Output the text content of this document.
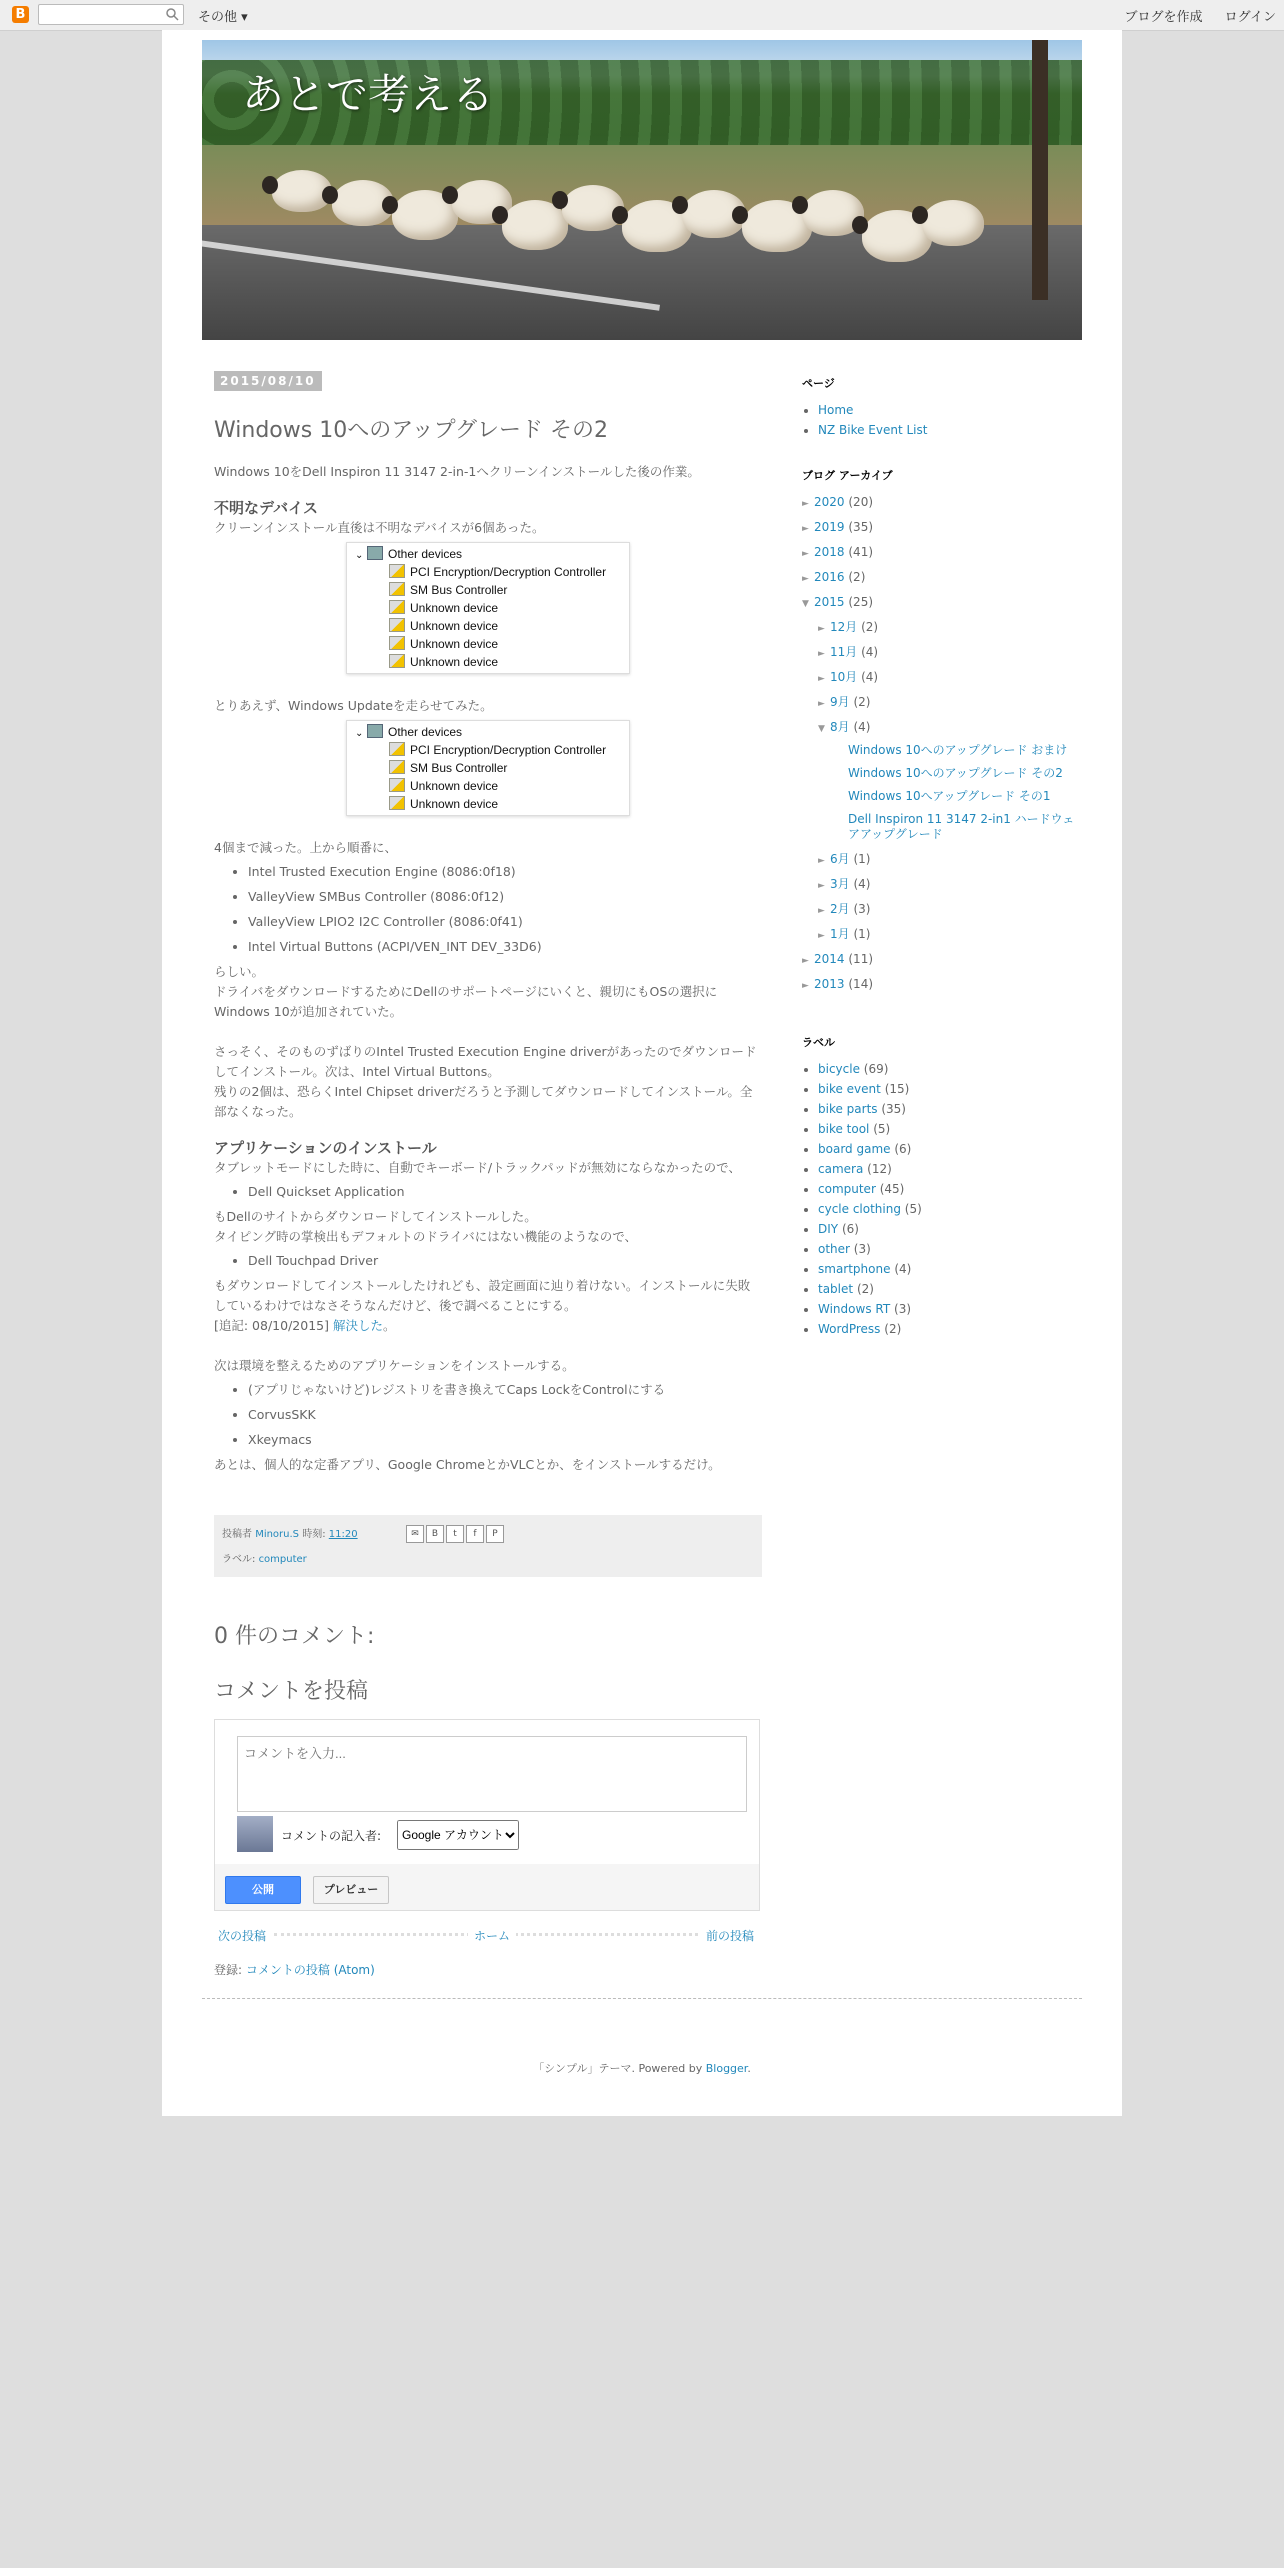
B	その他 ▾	ブログを作成 ログイン
あとで考える
2015/08/10
Windows 10へのアップグレード その2
Windows 10をDell Inspiron 11 3147 2-in-1へクリーンインストールした後の作業。
不明なデバイス
クリーンインストール直後は不明なデバイスが6個あった。
⌄ Other devices
PCI Encryption/Decryption Controller
SM Bus Controller
Unknown device
Unknown device
Unknown device
Unknown device
とりあえず、Windows Updateを走らせてみた。
⌄ Other devices
PCI Encryption/Decryption Controller
SM Bus Controller
Unknown device
Unknown device
4個まで減った。上から順番に、
• Intel Trusted Execution Engine (8086:0f18)
• ValleyView SMBus Controller (8086:0f12)
• ValleyView LPIO2 I2C Controller (8086:0f41)
• Intel Virtual Buttons (ACPI/VEN_INT DEV_33D6)
らしい。
ドライバをダウンロードするためにDellのサポートページにいくと、親切にもOSの選択にWindows 10が追加されていた。
さっそく、そのものずばりのIntel Trusted Execution Engine driverがあったのでダウンロードしてインストール。次は、Intel Virtual Buttons。
残りの2個は、恐らくIntel Chipset driverだろうと予測してダウンロードしてインストール。全部なくなった。
アプリケーションのインストール
タブレットモードにした時に、自動でキーボード/トラックパッドが無効にならなかったので、
• Dell Quickset Application
もDellのサイトからダウンロードしてインストールした。
タイピング時の掌検出もデフォルトのドライバにはない機能のようなので、
• Dell Touchpad Driver
もダウンロードしてインストールしたけれども、設定画面に辿り着けない。インストールに失敗しているわけではなさそうなんだけど、後で調べることにする。
[追記: 08/10/2015] 解決した。
次は環境を整えるためのアプリケーションをインストールする。
• (アプリじゃないけど)レジストリを書き換えてCaps LockをControlにする
• CorvusSKK
• Xkeymacs
あとは、個人的な定番アプリ、Google ChromeとかVLCとか、をインストールするだけ。
投稿者 Minoru.S 時刻: 11:20	✉ B t f P
ラベル: computer
0 件のコメント:
コメントを投稿
コメントを入力...
コメントの記入者:
Google アカウント
公開	プレビュー
次の投稿	ホーム	前の投稿
登録: コメントの投稿 (Atom)
ページ
• Home
• NZ Bike Event List
ブログ アーカイブ
► 2020 (20)
► 2019 (35)
► 2018 (41)
► 2016 (2)
▼ 2015 (25)
► 12月 (2)
► 11月 (4)
► 10月 (4)
► 9月 (2)
▼ 8月 (4)
Windows 10へのアップグレード おまけ
Windows 10へのアップグレード その2
Windows 10へアップグレード その1
Dell Inspiron 11 3147 2-in1 ハードウェアアップグレード
► 6月 (1)
► 3月 (4)
► 2月 (3)
► 1月 (1)
► 2014 (11)
► 2013 (14)
ラベル
• bicycle (69)
• bike event (15)
• bike parts (35)
• bike tool (5)
• board game (6)
• camera (12)
• computer (45)
• cycle clothing (5)
• DIY (6)
• other (3)
• smartphone (4)
• tablet (2)
• Windows RT (3)
• WordPress (2)
「シンプル」テーマ. Powered by Blogger.
